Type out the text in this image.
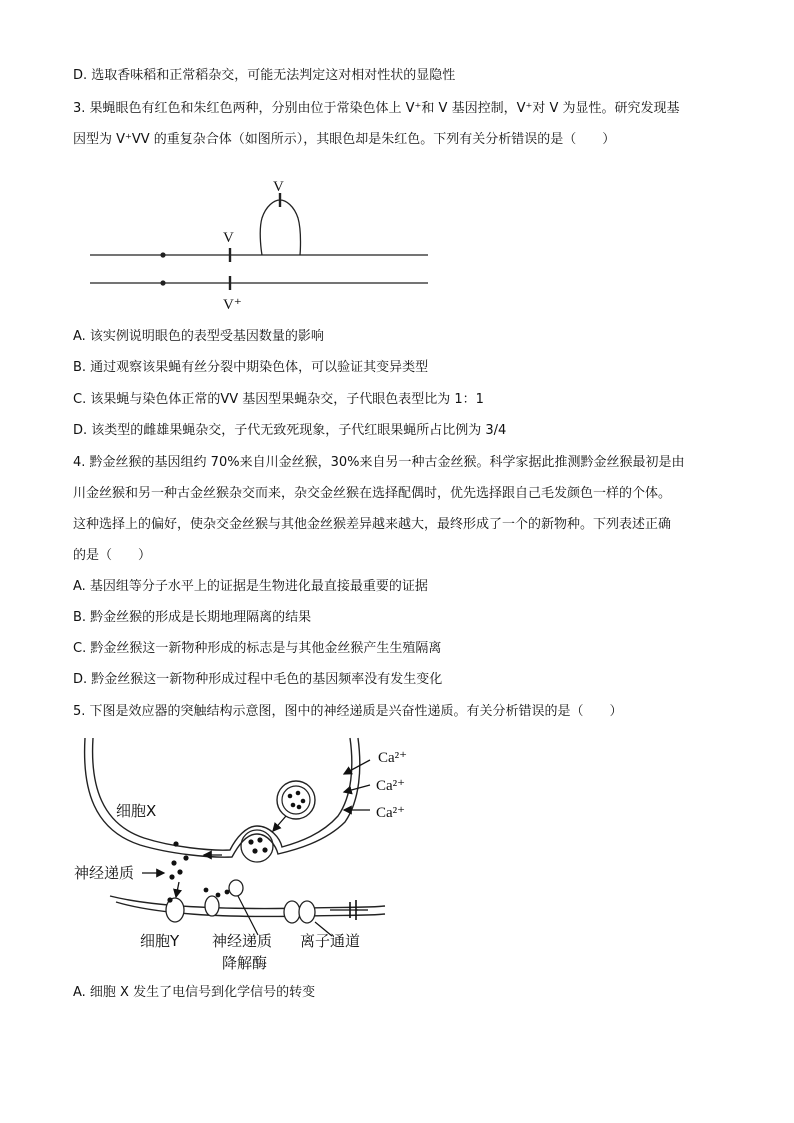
D. 选取香味稻和正常稻杂交，可能无法判定这对相对性状的显隐性
3. 果蝇眼色有红色和朱红色两种，分别由位于常染色体上 V⁺和 V 基因控制，V⁺对 V 为显性。研究发现基
因型为 V⁺VV 的重复杂合体（如图所示），其眼色却是朱红色。下列有关分析错误的是（　　）
V
V
V⁺
A. 该实例说明眼色的表型受基因数量的影响
B. 通过观察该果蝇有丝分裂中期染色体，可以验证其变异类型
C. 该果蝇与染色体正常的VV 基因型果蝇杂交，子代眼色表型比为 1：1
D. 该类型的雌雄果蝇杂交，子代无致死现象，子代红眼果蝇所占比例为 3/4
4. 黔金丝猴的基因组约 70%来自川金丝猴，30%来自另一种古金丝猴。科学家据此推测黔金丝猴最初是由
川金丝猴和另一种古金丝猴杂交而来，杂交金丝猴在选择配偶时，优先选择跟自己毛发颜色一样的个体。
这种选择上的偏好，使杂交金丝猴与其他金丝猴差异越来越大，最终形成了一个的新物种。下列表述正确
的是（　　）
A. 基因组等分子水平上的证据是生物进化最直接最重要的证据
B. 黔金丝猴的形成是长期地理隔离的结果
C. 黔金丝猴这一新物种形成的标志是与其他金丝猴产生生殖隔离
D. 黔金丝猴这一新物种形成过程中毛色的基因频率没有发生变化
5. 下图是效应器的突触结构示意图，图中的神经递质是兴奋性递质。有关分析错误的是（　　）
Ca²⁺
Ca²⁺
Ca²⁺
细胞X
神经递质
细胞Y 神经递质
降解酶
离子通道
A. 细胞 X 发生了电信号到化学信号的转变
